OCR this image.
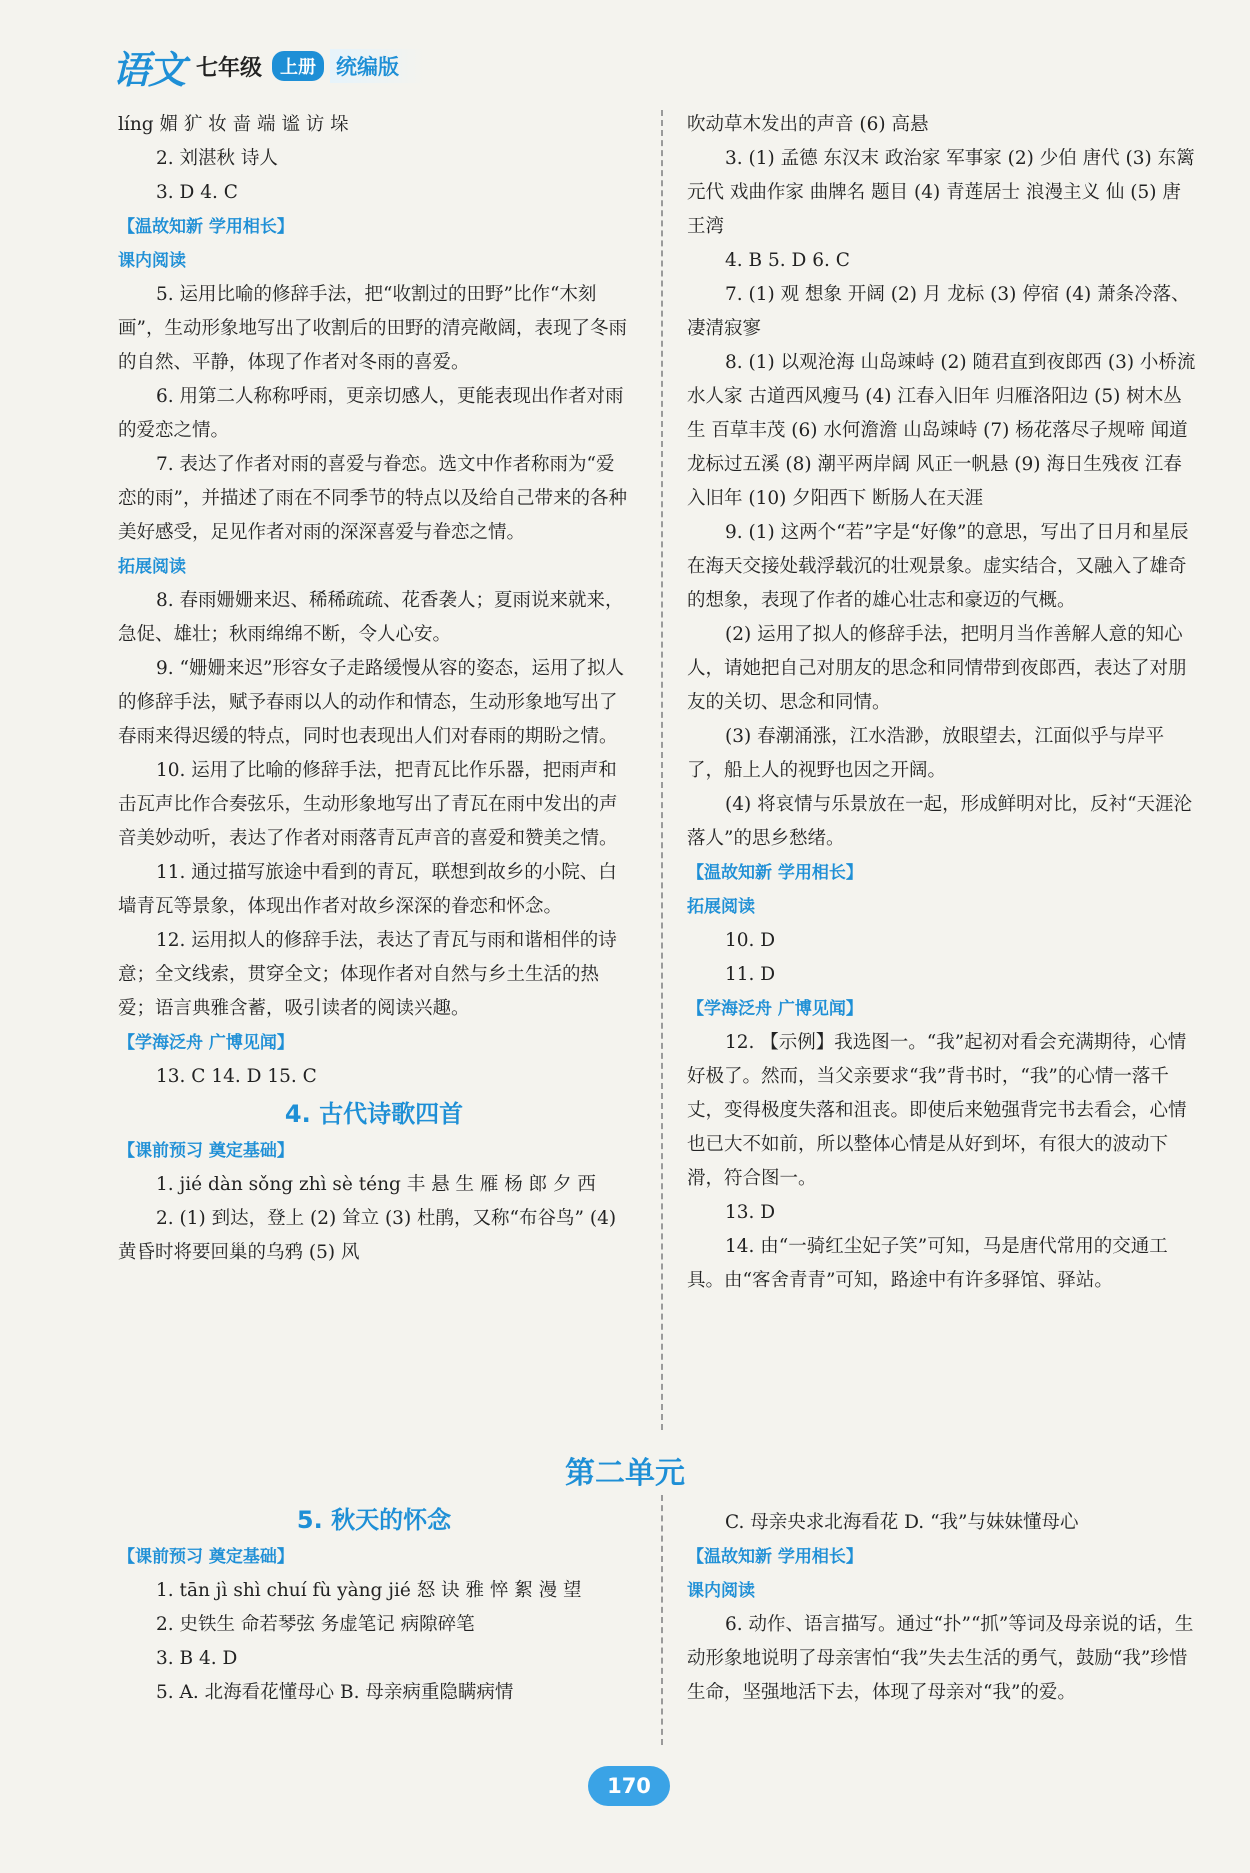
语文 七年级	上册 统编版
líng 媚 犷 妆 啬 端 谧 访 垛
2. 刘湛秋 诗人
3. D 4. C
【温故知新 学用相长】
课内阅读
5. 运用比喻的修辞手法，把“收割过的田野”比作“木刻画”，生动形象地写出了收割后的田野的清亮敞阔，表现了冬雨的自然、平静，体现了作者对冬雨的喜爱。
6. 用第二人称称呼雨，更亲切感人，更能表现出作者对雨的爱恋之情。
7. 表达了作者对雨的喜爱与眷恋。选文中作者称雨为“爱恋的雨”，并描述了雨在不同季节的特点以及给自己带来的各种美好感受，足见作者对雨的深深喜爱与眷恋之情。
拓展阅读
8. 春雨姗姗来迟、稀稀疏疏、花香袭人；夏雨说来就来，急促、雄壮；秋雨绵绵不断，令人心安。
9. “姗姗来迟”形容女子走路缓慢从容的姿态，运用了拟人的修辞手法，赋予春雨以人的动作和情态，生动形象地写出了春雨来得迟缓的特点，同时也表现出人们对春雨的期盼之情。
10. 运用了比喻的修辞手法，把青瓦比作乐器，把雨声和击瓦声比作合奏弦乐，生动形象地写出了青瓦在雨中发出的声音美妙动听，表达了作者对雨落青瓦声音的喜爱和赞美之情。
11. 通过描写旅途中看到的青瓦，联想到故乡的小院、白墙青瓦等景象，体现出作者对故乡深深的眷恋和怀念。
12. 运用拟人的修辞手法，表达了青瓦与雨和谐相伴的诗意；全文线索，贯穿全文；体现作者对自然与乡土生活的热爱；语言典雅含蓄，吸引读者的阅读兴趣。
【学海泛舟 广博见闻】
13. C 14. D 15. C
4. 古代诗歌四首
【课前预习 奠定基础】
1. jié dàn sǒng zhì sè téng 丰 悬 生 雁 杨 郎 夕 西
2. (1) 到达，登上 (2) 耸立 (3) 杜鹃，又称“布谷鸟” (4) 黄昏时将要回巢的乌鸦 (5) 风
吹动草木发出的声音 (6) 高悬
3. (1) 孟德 东汉末 政治家 军事家 (2) 少伯 唐代 (3) 东篱 元代 戏曲作家 曲牌名 题目 (4) 青莲居士 浪漫主义 仙 (5) 唐 王湾
4. B 5. D 6. C
7. (1) 观 想象 开阔 (2) 月 龙标 (3) 停宿 (4) 萧条冷落、凄清寂寥
8. (1) 以观沧海 山岛竦峙 (2) 随君直到夜郎西 (3) 小桥流水人家 古道西风瘦马 (4) 江春入旧年 归雁洛阳边 (5) 树木丛生 百草丰茂 (6) 水何澹澹 山岛竦峙 (7) 杨花落尽子规啼 闻道龙标过五溪 (8) 潮平两岸阔 风正一帆悬 (9) 海日生残夜 江春入旧年 (10) 夕阳西下 断肠人在天涯
9. (1) 这两个“若”字是“好像”的意思，写出了日月和星辰在海天交接处载浮载沉的壮观景象。虚实结合，又融入了雄奇的想象，表现了作者的雄心壮志和豪迈的气概。
(2) 运用了拟人的修辞手法，把明月当作善解人意的知心人，请她把自己对朋友的思念和同情带到夜郎西，表达了对朋友的关切、思念和同情。
(3) 春潮涌涨，江水浩渺，放眼望去，江面似乎与岸平了，船上人的视野也因之开阔。
(4) 将哀情与乐景放在一起，形成鲜明对比，反衬“天涯沦落人”的思乡愁绪。
【温故知新 学用相长】
拓展阅读
10. D
11. D
【学海泛舟 广博见闻】
12. 【示例】我选图一。“我”起初对看会充满期待，心情好极了。然而，当父亲要求“我”背书时，“我”的心情一落千丈，变得极度失落和沮丧。即使后来勉强背完书去看会，心情也已大不如前，所以整体心情是从好到坏，有很大的波动下滑，符合图一。
13. D
14. 由“一骑红尘妃子笑”可知，马是唐代常用的交通工具。由“客舍青青”可知，路途中有许多驿馆、驿站。
第二单元
5. 秋天的怀念
【课前预习 奠定基础】
1. tān jì shì chuí fù yàng jié 怒 诀 雅 悴 絮 漫 望
2. 史铁生 命若琴弦 务虚笔记 病隙碎笔
3. B 4. D
5. A. 北海看花懂母心 B. 母亲病重隐瞒病情
C. 母亲央求北海看花 D. “我”与妹妹懂母心
【温故知新 学用相长】
课内阅读
6. 动作、语言描写。通过“扑”“抓”等词及母亲说的话，生动形象地说明了母亲害怕“我”失去生活的勇气，鼓励“我”珍惜生命，坚强地活下去，体现了母亲对“我”的爱。
170
